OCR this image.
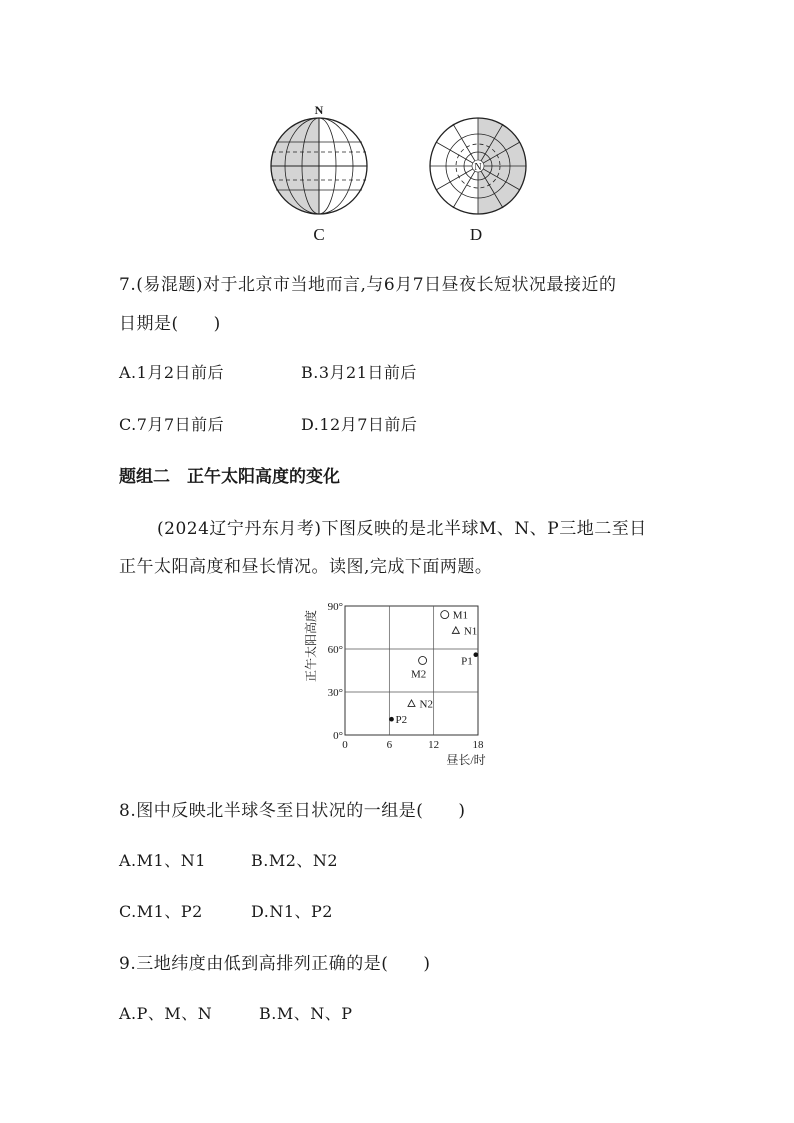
N
C
N
D
7.(易混题)对于北京市当地而言,与6月7日昼夜长短状况最接近的
日期是(　　)
A.1月2日前后	B.3月21日前后
C.7月7日前后	D.12月7日前后
题组二　正午太阳高度的变化
(2024辽宁丹东月考)下图反映的是北半球M、N、P三地二至日
正午太阳高度和昼长情况。读图,完成下面两题。
0	6	12	18
0°
30°
60°
90°
M1
N1
P1
M2
N2
P2
正午太阳高度
昼长/时
8.图中反映北半球冬至日状况的一组是(　　)
A.M1、N1	B.M2、N2
C.M1、P2	D.N1、P2
9.三地纬度由低到高排列正确的是(　　)
A.P、M、N	B.M、N、P
